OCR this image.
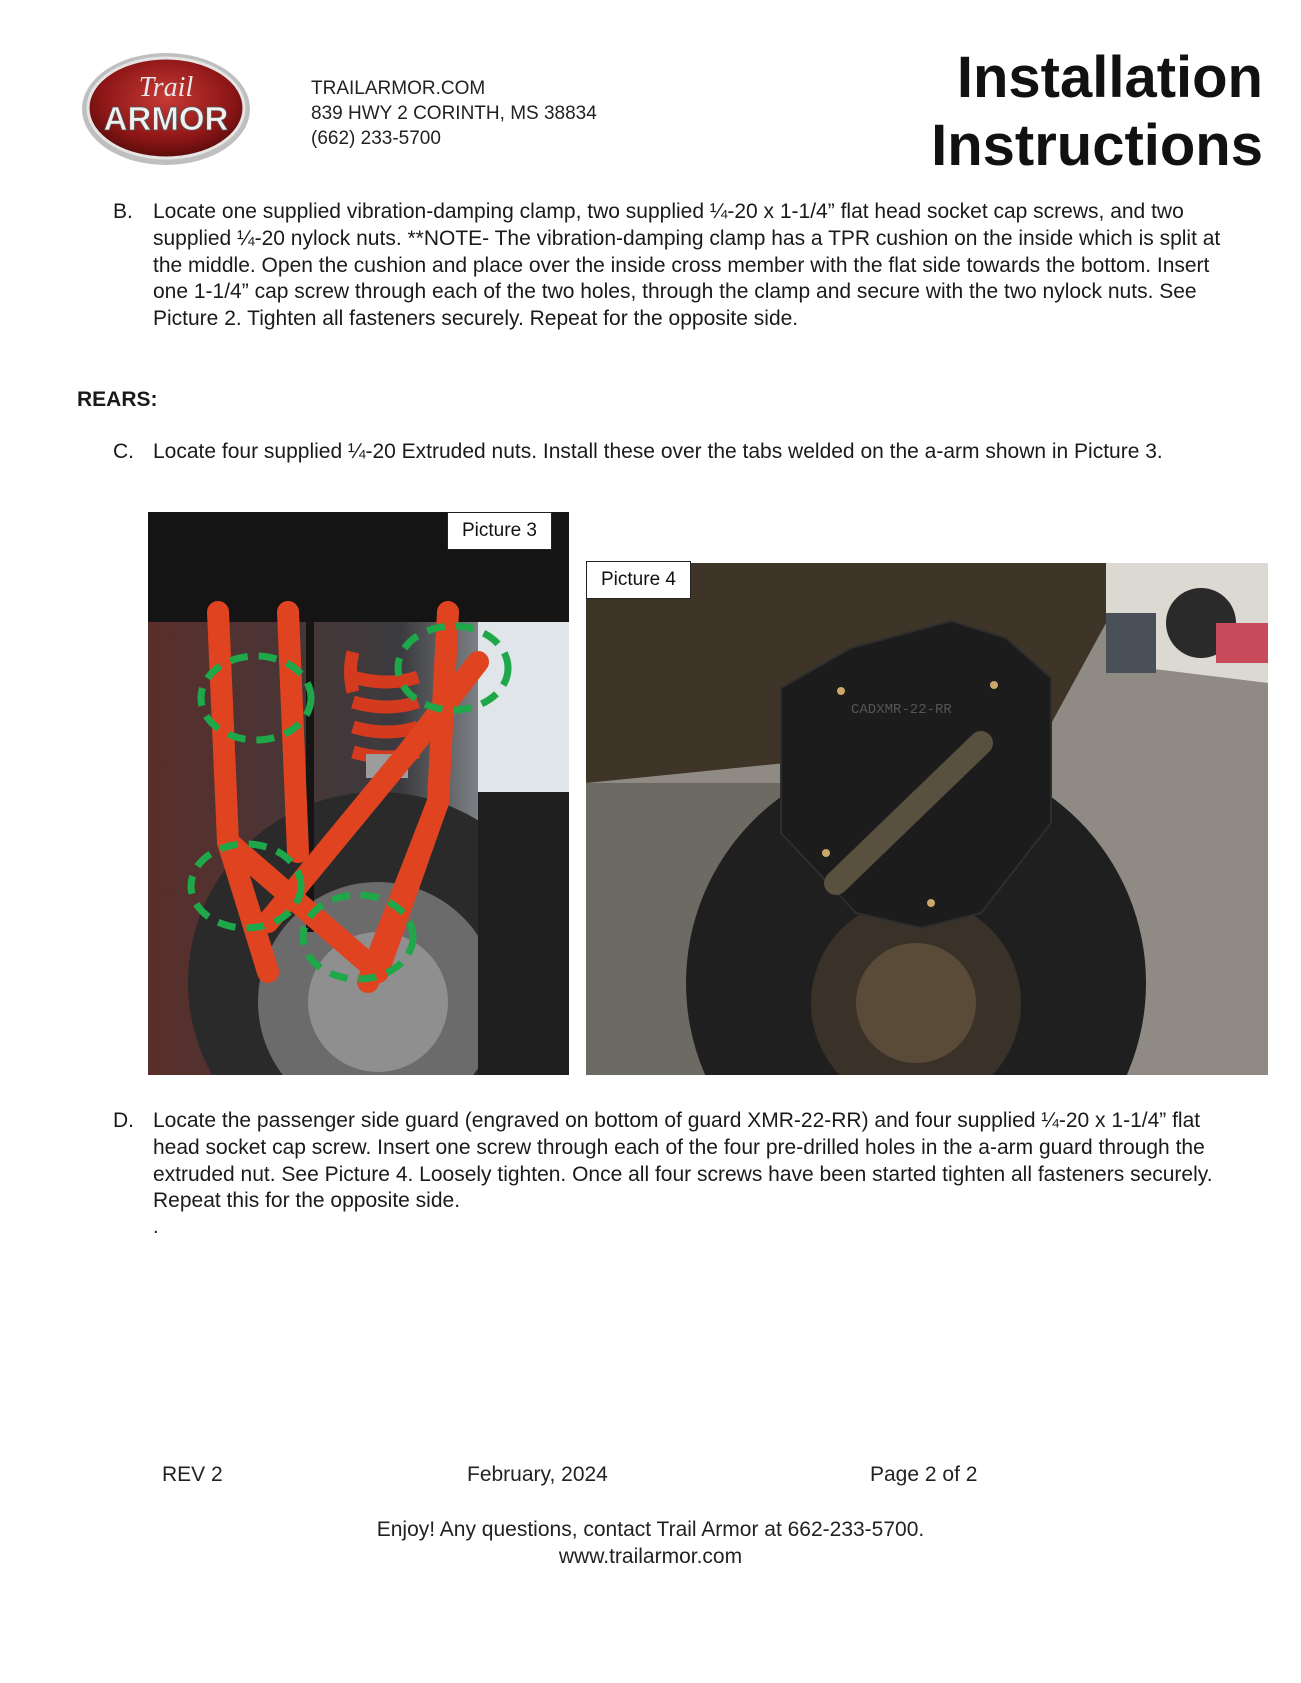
Trail
ARMOR
TRAILARMOR.COM
839 HWY 2 CORINTH, MS 38834
(662) 233-5700
Installation
Instructions
B. Locate one supplied vibration-damping clamp, two supplied ¼-20 x 1-1/4” flat head socket cap screws, and two supplied ¼-20 nylock nuts. **NOTE- The vibration-damping clamp has a TPR cushion on the inside which is split at the middle. Open the cushion and place over the inside cross member with the flat side towards the bottom. Insert one 1-1/4” cap screw through each of the two holes, through the clamp and secure with the two nylock nuts. See Picture 2. Tighten all fasteners securely. Repeat for the opposite side.
REARS:
C. Locate four supplied ¼-20 Extruded nuts. Install these over the tabs welded on the a-arm shown in Picture 3.
Picture 3
CADXMR-22-RR
Picture 4
D. Locate the passenger side guard (engraved on bottom of guard XMR-22-RR) and four supplied ¼-20 x 1-1/4” flat head socket cap screw. Insert one screw through each of the four pre-drilled holes in the a-arm guard through the extruded nut. See Picture 4. Loosely tighten. Once all four screws have been started tighten all fasteners securely. Repeat this for the opposite side.
.
REV 2	February, 2024	Page 2 of 2
Enjoy! Any questions, contact Trail Armor at 662-233-5700.
www.trailarmor.com
